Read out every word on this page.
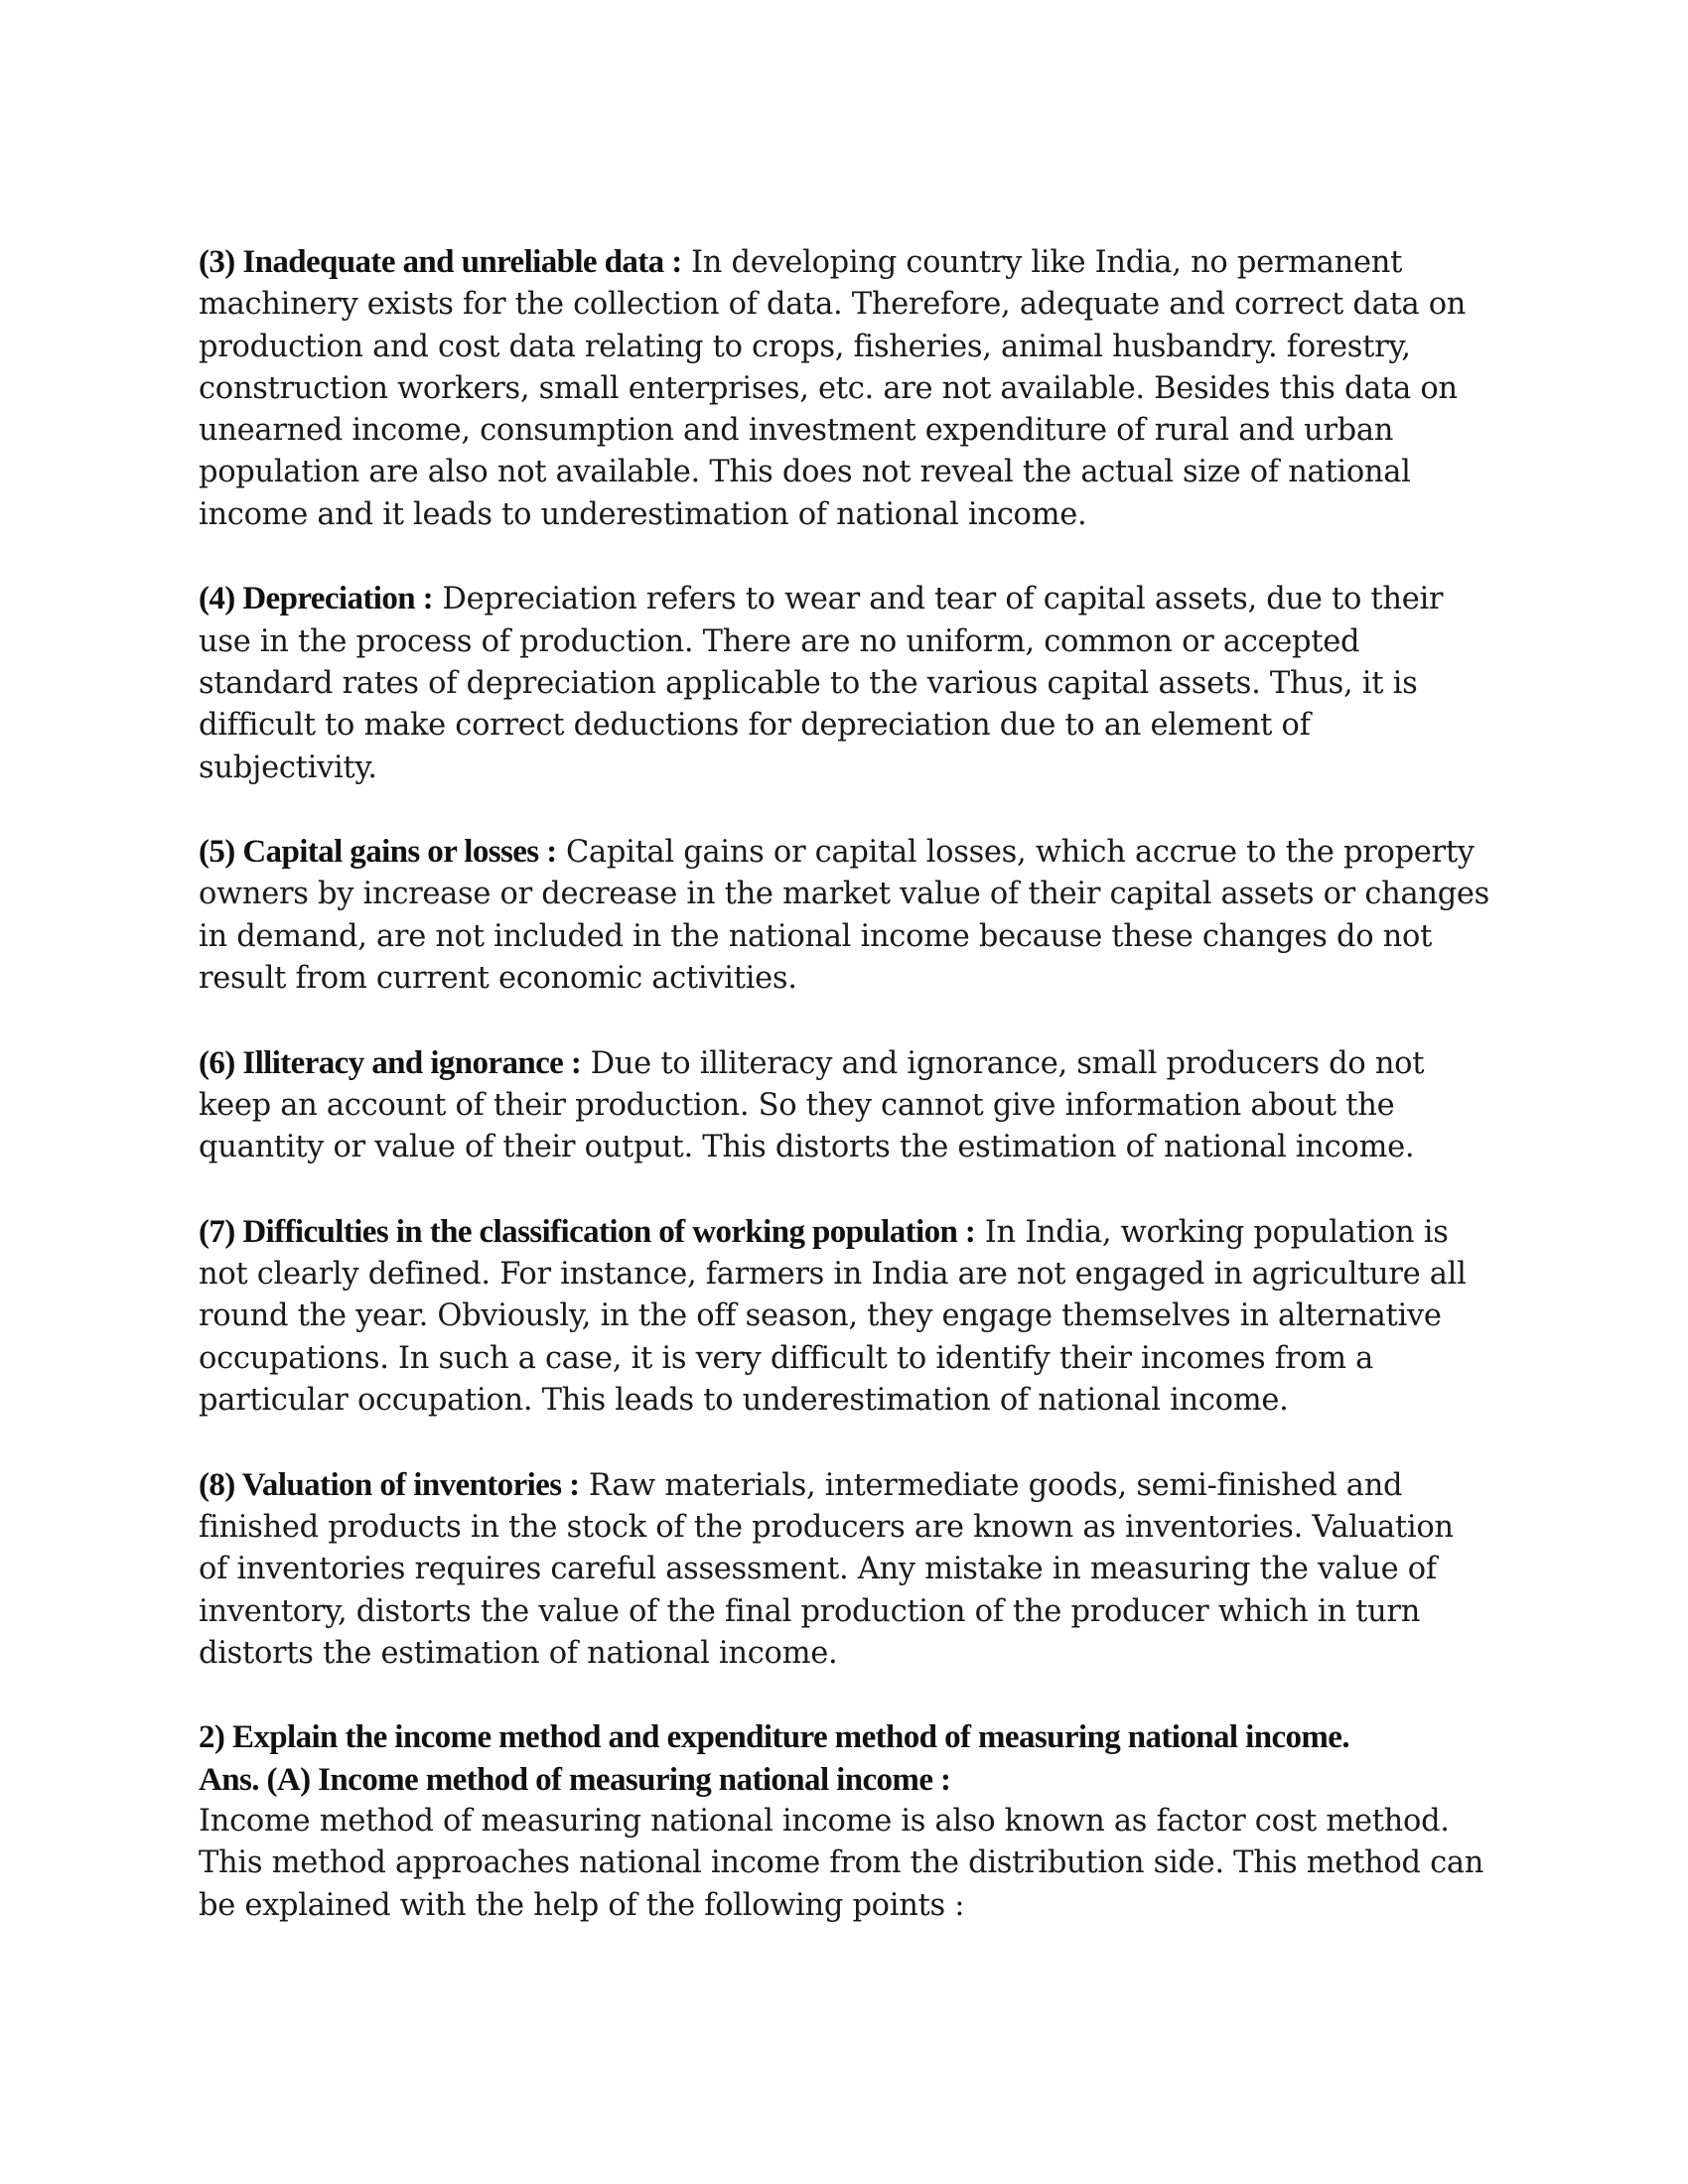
(3) Inadequate and unreliable data : In developing country like India, no permanent machinery exists for the collection of data. Therefore, adequate and correct data on production and cost data relating to crops, fisheries, animal husbandry. forestry, construction workers, small enterprises, etc. are not available. Besides this data on unearned income, consumption and investment expenditure of rural and urban population are also not available. This does not reveal the actual size of national income and it leads to underestimation of national income.

(4) Depreciation : Depreciation refers to wear and tear of capital assets, due to their use in the process of production. There are no uniform, common or accepted standard rates of depreciation applicable to the various capital assets. Thus, it is difficult to make correct deductions for depreciation due to an element of subjectivity.

(5) Capital gains or losses : Capital gains or capital losses, which accrue to the property owners by increase or decrease in the market value of their capital assets or changes in demand, are not included in the national income because these changes do not result from current economic activities.

(6) Illiteracy and ignorance : Due to illiteracy and ignorance, small producers do not keep an account of their production. So they cannot give information about the quantity or value of their output. This distorts the estimation of national income.

(7) Difficulties in the classification of working population : In India, working population is not clearly defined. For instance, farmers in India are not engaged in agriculture all round the year. Obviously, in the off season, they engage themselves in alternative occupations. In such a case, it is very difficult to identify their incomes from a particular occupation. This leads to underestimation of national income.

(8) Valuation of inventories : Raw materials, intermediate goods, semi-finished and finished products in the stock of the producers are known as inventories. Valuation of inventories requires careful assessment. Any mistake in measuring the value of inventory, distorts the value of the final production of the producer which in turn distorts the estimation of national income.

2) Explain the income method and expenditure method of measuring national income.

Ans. (A) Income method of measuring national income :

Income method of measuring national income is also known as factor cost method. This method approaches national income from the distribution side. This method can be explained with the help of the following points :
